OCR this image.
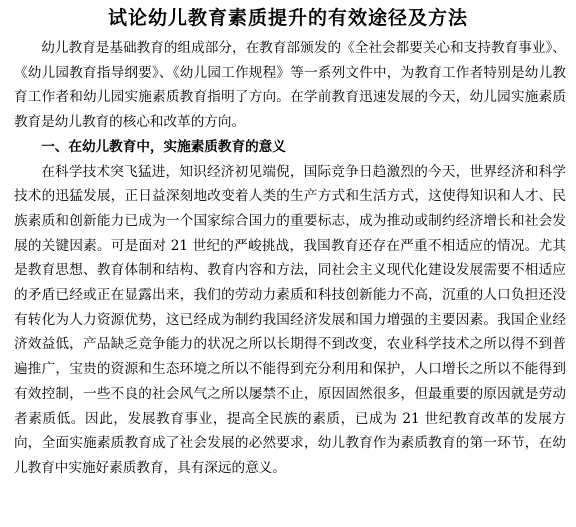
试论幼儿教育素质提升的有效途径及方法

幼儿教育是基础教育的组成部分，在教育部颁发的《全社会都要关心和支持教育事业》、《幼儿园教育指导纲要》、《幼儿园工作规程》等一系列文件中，为教育工作者特别是幼儿教育工作者和幼儿园实施素质教育指明了方向。在学前教育迅速发展的今天，幼儿园实施素质教育是幼儿教育的核心和改革的方向。

一、在幼儿教育中，实施素质教育的意义

在科学技术突飞猛进，知识经济初见端倪，国际竞争日趋激烈的今天，世界经济和科学技术的迅猛发展，正日益深刻地改变着人类的生产方式和生活方式，这使得知识和人才、民族素质和创新能力已成为一个国家综合国力的重要标志，成为推动或制约经济增长和社会发展的关键因素。可是面对 21 世纪的严峻挑战，我国教育还存在严重不相适应的情况。尤其是教育思想、教育体制和结构、教育内容和方法，同社会主义现代化建设发展需要不相适应的矛盾已经或正在显露出来，我们的劳动力素质和科技创新能力不高，沉重的人口负担还没有转化为人力资源优势，这已经成为制约我国经济发展和国力增强的主要因素。我国企业经济效益低，产品缺乏竞争能力的状况之所以长期得不到改变，农业科学技术之所以得不到普遍推广，宝贵的资源和生态环境之所以不能得到充分利用和保护，人口增长之所以不能得到有效控制，一些不良的社会风气之所以屡禁不止，原因固然很多，但最重要的原因就是劳动者素质低。因此，发展教育事业，提高全民族的素质，已成为 21 世纪教育改革的发展方向，全面实施素质教育成了社会发展的必然要求，幼儿教育作为素质教育的第一环节，在幼儿教育中实施好素质教育，具有深远的意义。
